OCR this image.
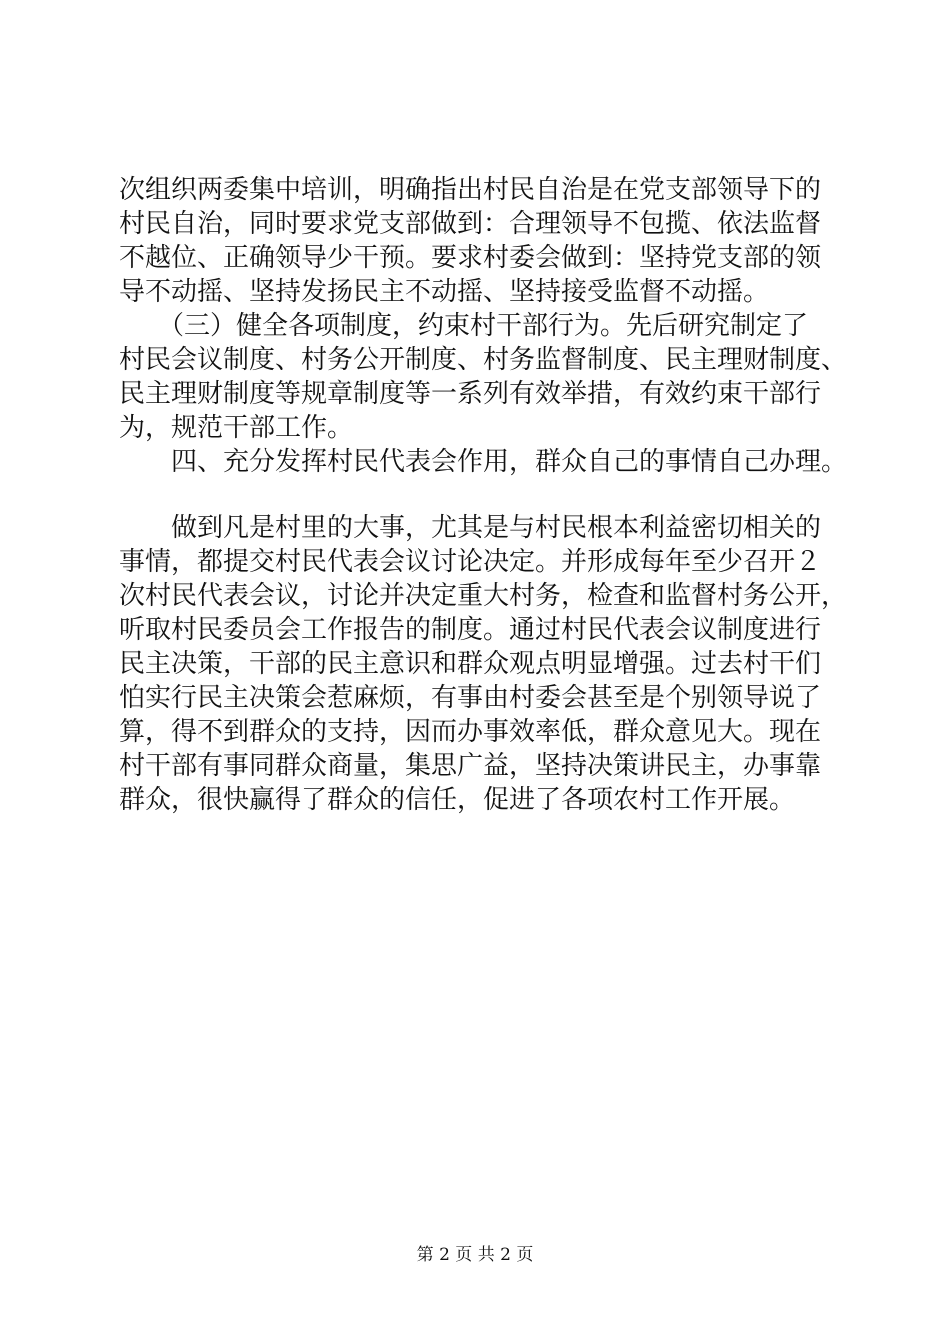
次组织两委集中培训，明确指出村民自治是在党支部领导下的
村民自治，同时要求党支部做到：合理领导不包揽、依法监督
不越位、正确领导少干预。要求村委会做到：坚持党支部的领
导不动摇、坚持发扬民主不动摇、坚持接受监督不动摇。
　　（三）健全各项制度，约束村干部行为。先后研究制定了
村民会议制度、村务公开制度、村务监督制度、民主理财制度、
民主理财制度等规章制度等一系列有效举措，有效约束干部行
为，规范干部工作。
　　四、充分发挥村民代表会作用，群众自己的事情自己办理。
　　做到凡是村里的大事，尤其是与村民根本利益密切相关的
事情，都提交村民代表会议讨论决定。并形成每年至少召开２
次村民代表会议，讨论并决定重大村务，检查和监督村务公开，
听取村民委员会工作报告的制度。通过村民代表会议制度进行
民主决策，干部的民主意识和群众观点明显增强。过去村干们
怕实行民主决策会惹麻烦，有事由村委会甚至是个别领导说了
算，得不到群众的支持，因而办事效率低，群众意见大。现在
村干部有事同群众商量，集思广益，坚持决策讲民主，办事靠
群众，很快赢得了群众的信任，促进了各项农村工作开展。
第 2 页 共 2 页
